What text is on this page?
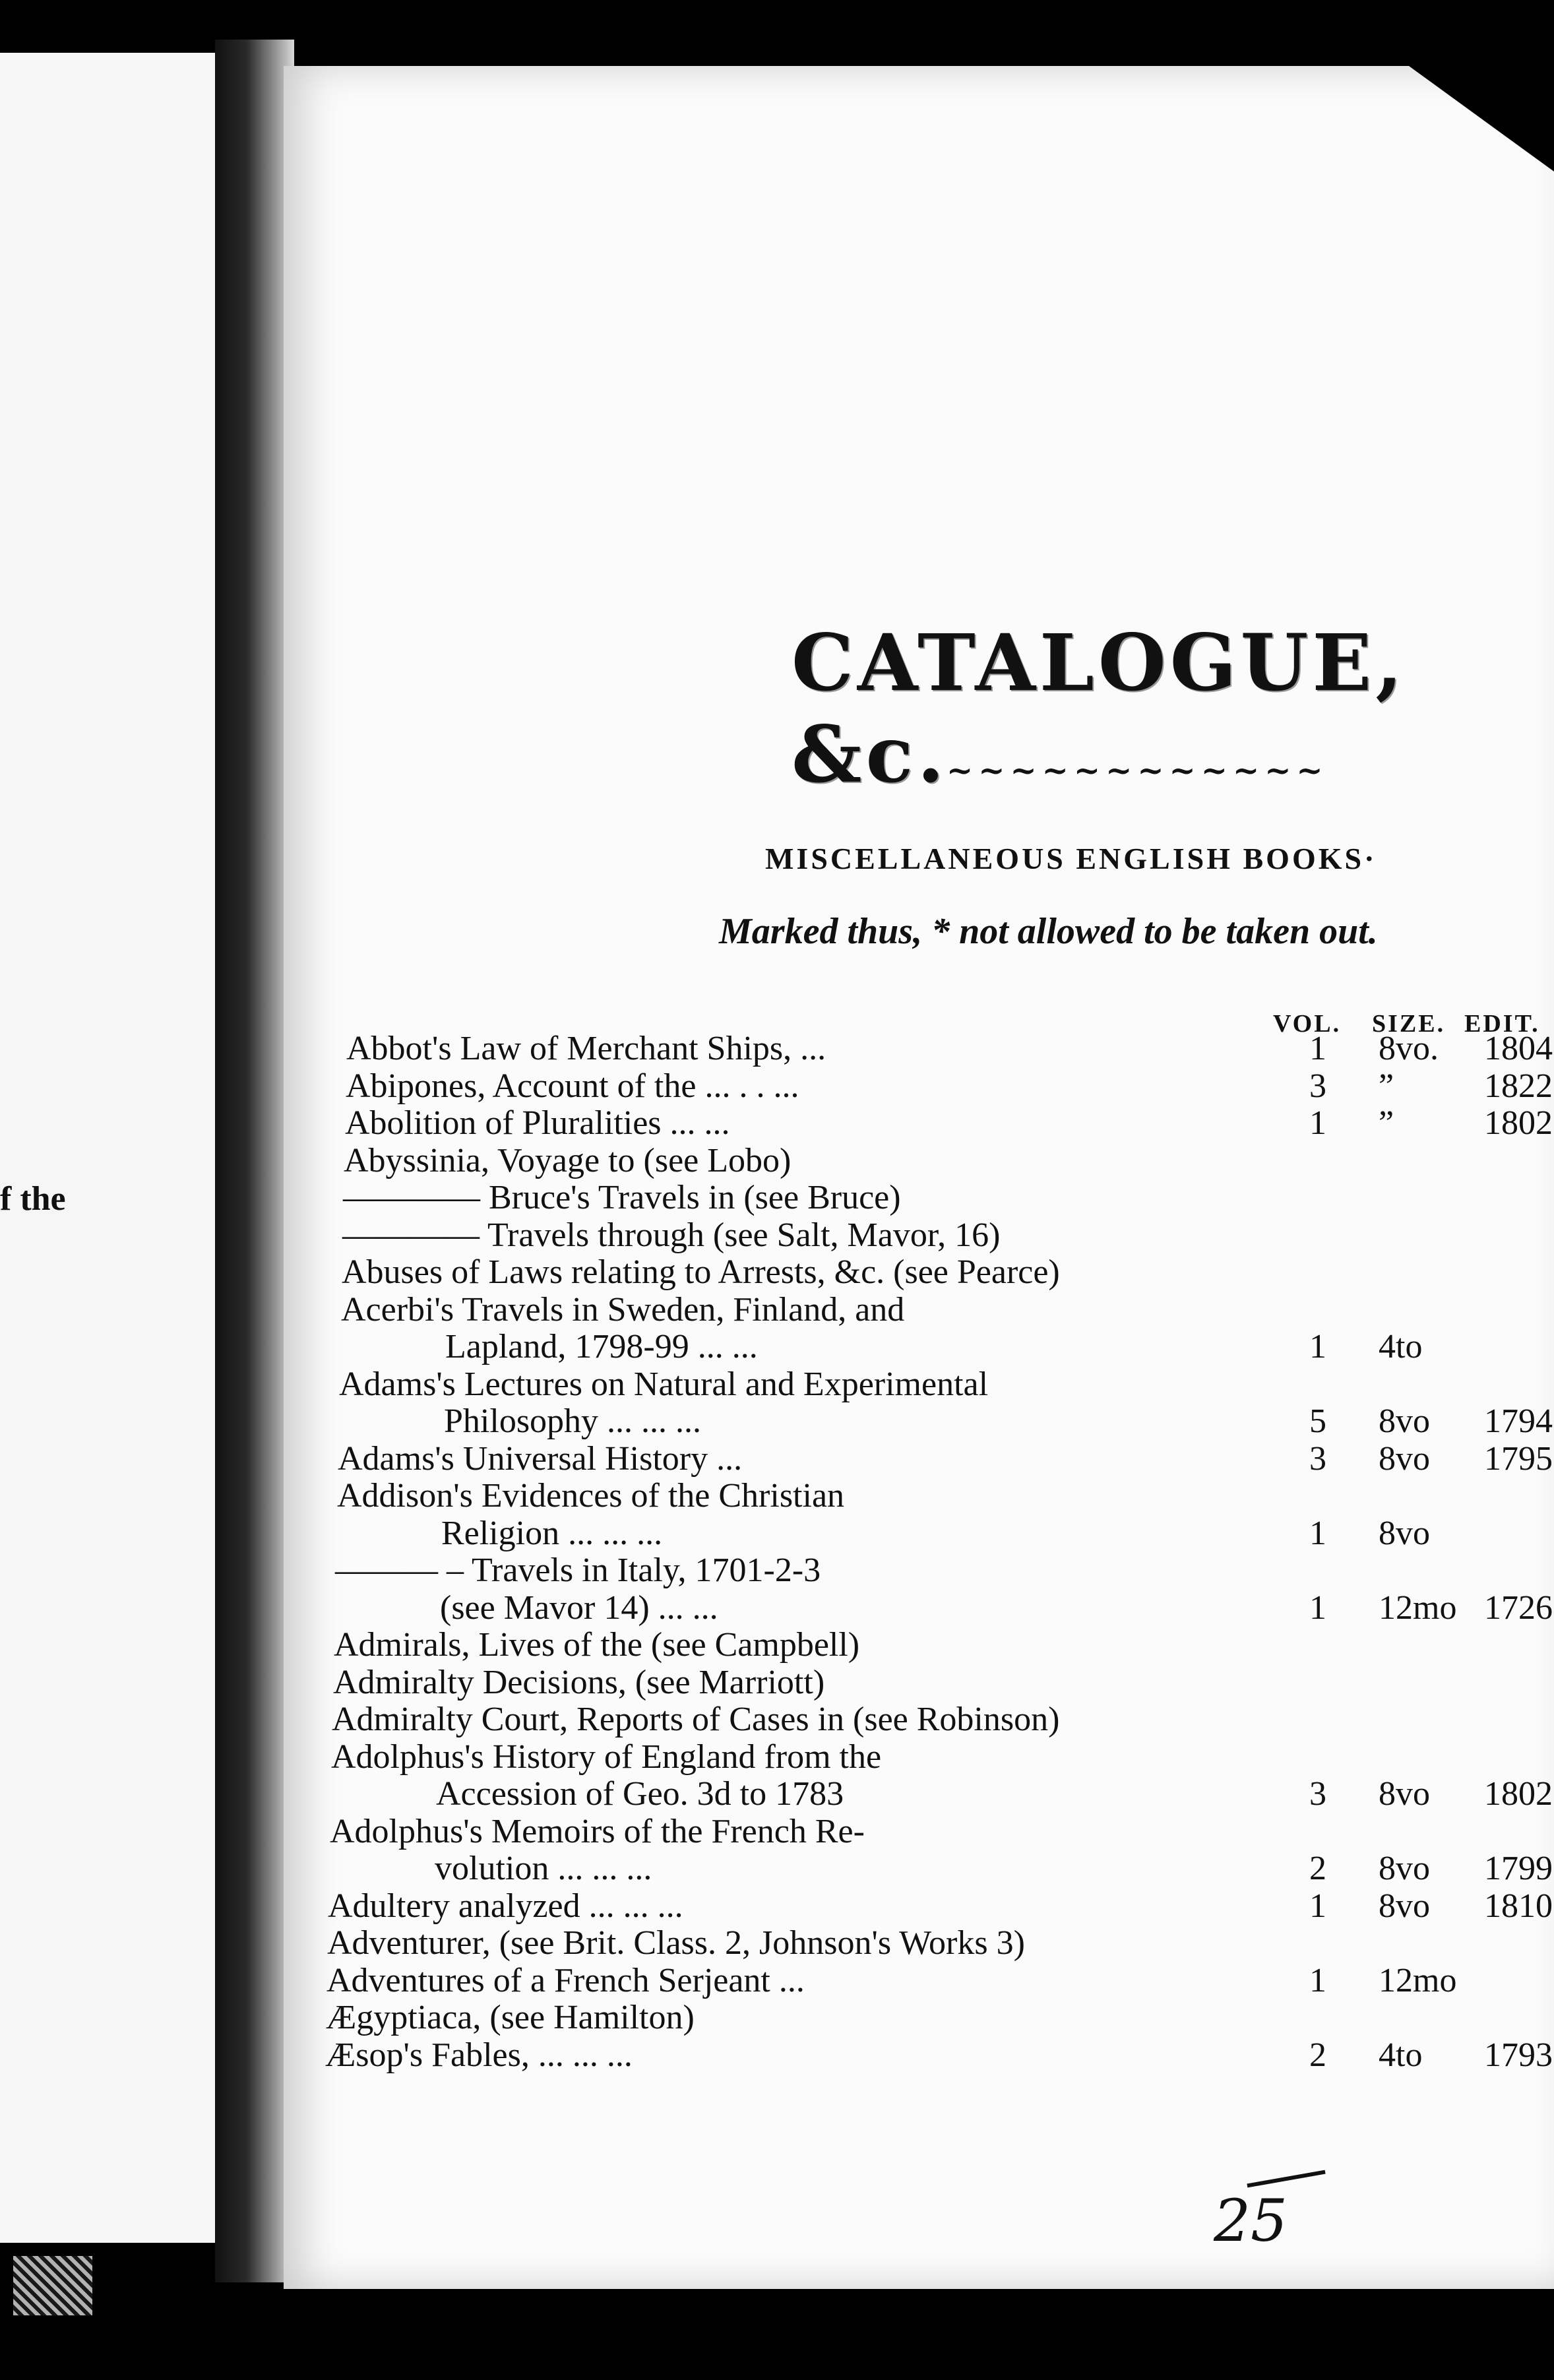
f the
CATALOGUE, &c.
~~~~~~~~~~~~
MISCELLANEOUS ENGLISH BOOKS·
Marked thus, * not allowed to be taken out.
VOL. SIZE. EDIT.
Abbot's Law of Merchant Ships, ...	1 8vo. 1804
Abipones, Account of the ... . . ...	3 ”	1822
Abolition of Pluralities ... ...	1 ”	1802
Abyssinia, Voyage to (see Lobo)
———— Bruce's Travels in (see Bruce)
———— Travels through (see Salt, Mavor, 16)
Abuses of Laws relating to Arrests, &c. (see Pearce)
Acerbi's Travels in Sweden, Finland, and
Lapland, 1798-99 ... ...	1 4to
Adams's Lectures on Natural and Experimental
Philosophy ... ... ...	5 8vo 1794
Adams's Universal History ...	3 8vo 1795
Addison's Evidences of the Christian
Religion ... ... ...	1 8vo
——— – Travels in Italy, 1701-2-3
(see Mavor 14) ... ...	1 12mo 1726
Admirals, Lives of the (see Campbell)
Admiralty Decisions, (see Marriott)
Admiralty Court, Reports of Cases in (see Robinson)
Adolphus's History of England from the
Accession of Geo. 3d to 1783	3 8vo 1802
Adolphus's Memoirs of the French Re-
volution ... ... ...	2 8vo 1799
Adultery analyzed ... ... ...	1 8vo 1810
Adventurer, (see Brit. Class. 2, Johnson's Works 3)
Adventures of a French Serjeant ...	1 12mo
Ægyptiaca, (see Hamilton)
Æsop's Fables, ... ... ...	2 4to 1793
25
